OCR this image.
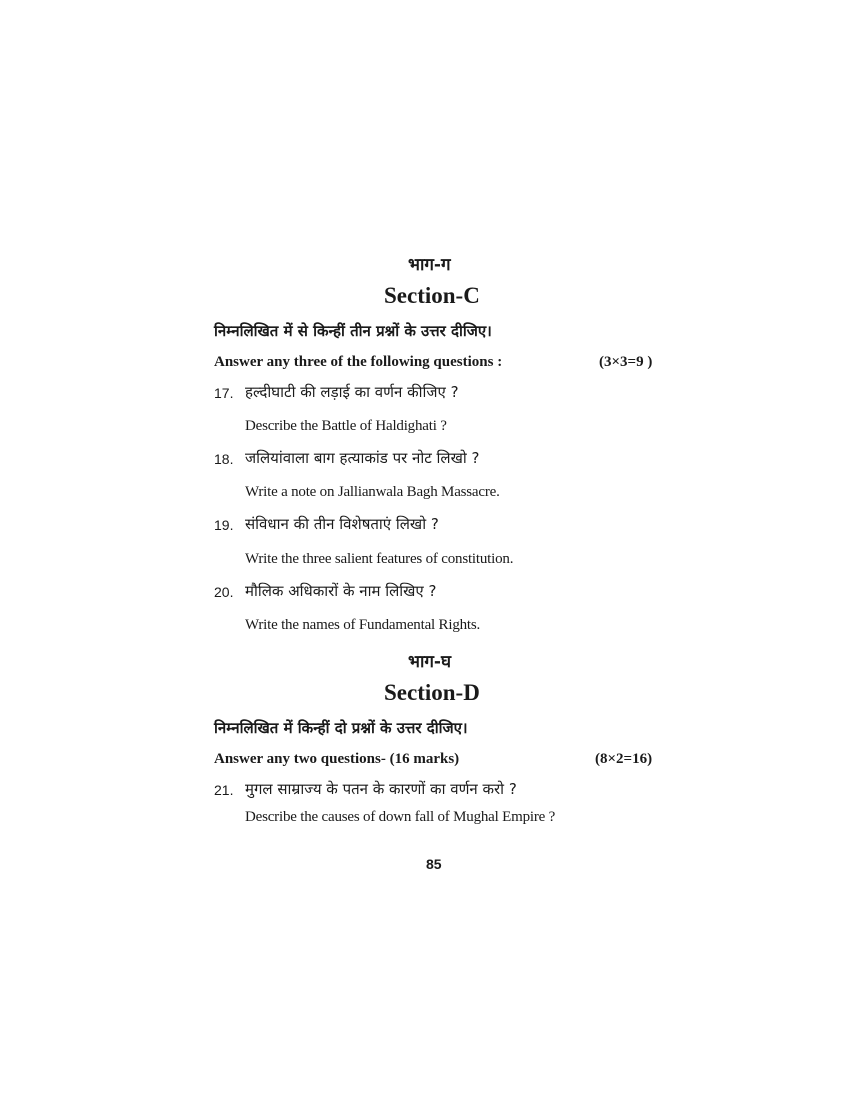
भाग-ग
Section-C
निम्नलिखित में से किन्हीं तीन प्रश्नों के उत्तर दीजिए।
Answer any three of the following questions :	(3×3=9 )
17. हल्दीघाटी की लड़ाई का वर्णन कीजिए ?
Describe the Battle of Haldighati ?
18. जलियांवाला बाग हत्याकांड पर नोट लिखो ?
Write a note on Jallianwala Bagh Massacre.
19. संविधान की तीन विशेषताएं लिखो ?
Write the three salient features of constitution.
20. मौलिक अधिकारों के नाम लिखिए ?
Write the names of Fundamental Rights.
भाग-घ
Section-D
निम्नलिखित में किन्हीं दो प्रश्नों के उत्तर दीजिए।
Answer any two questions- (16 marks)	(8×2=16)
21. मुगल साम्राज्य के पतन के कारणों का वर्णन करो ?
Describe the causes of down fall of Mughal Empire ?
85
